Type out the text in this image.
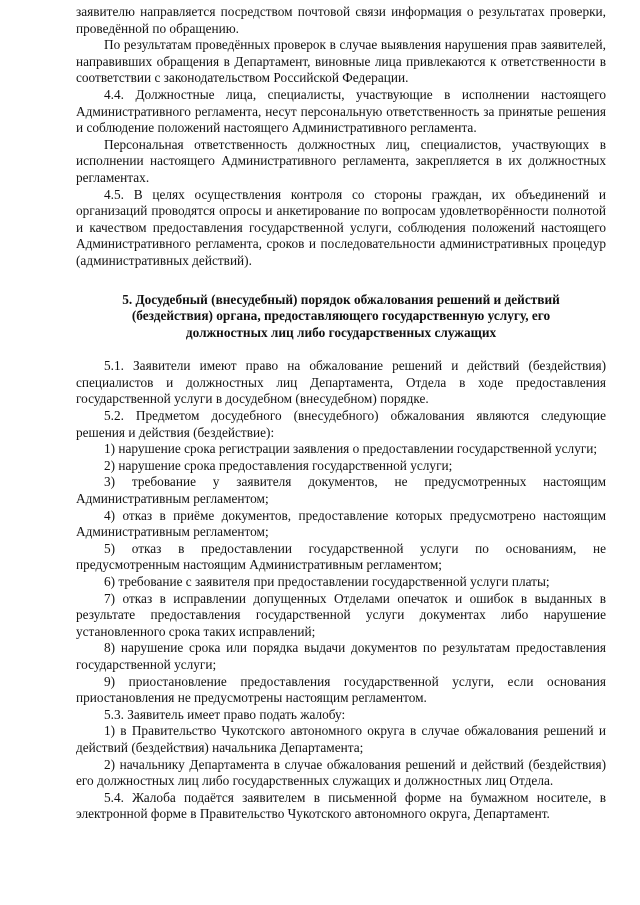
заявителю направляется посредством почтовой связи информация о результатах проверки, проведённой по обращению.

По результатам проведённых проверок в случае выявления нарушения прав заявителей, направивших обращения в Департамент, виновные лица привлекаются к ответственности в соответствии с законодательством Российской Федерации.

4.4. Должностные лица, специалисты, участвующие в исполнении настоящего Административного регламента, несут персональную ответственность за принятые решения и соблюдение положений настоящего Административного регламента.

Персональная ответственность должностных лиц, специалистов, участвующих в исполнении настоящего Административного регламента, закрепляется в их должностных регламентах.

4.5. В целях осуществления контроля со стороны граждан, их объединений и организаций проводятся опросы и анкетирование по вопросам удовлетворённости полнотой и качеством предоставления государственной услуги, соблюдения положений настоящего Административного регламента, сроков и последовательности административных процедур (административных действий).

5. Досудебный (внесудебный) порядок обжалования решений и действий
(бездействия) органа, предоставляющего государственную услугу, его
должностных лиц либо государственных служащих

5.1. Заявители имеют право на обжалование решений и действий (бездействия) специалистов и должностных лиц Департамента, Отдела в ходе предоставления государственной услуги в досудебном (внесудебном) порядке.

5.2. Предметом досудебного (внесудебного) обжалования являются следующие решения и действия (бездействие):

1) нарушение срока регистрации заявления о предоставлении государственной услуги;

2) нарушение срока предоставления государственной услуги;

3) требование у заявителя документов, не предусмотренных настоящим Административным регламентом;

4) отказ в приёме документов, предоставление которых предусмотрено настоящим Административным регламентом;

5) отказ в предоставлении государственной услуги по основаниям, не предусмотренным настоящим Административным регламентом;

6) требование с заявителя при предоставлении государственной услуги платы;

7) отказ в исправлении допущенных Отделами опечаток и ошибок в выданных в результате предоставления государственной услуги документах либо нарушение установленного срока таких исправлений;

8) нарушение срока или порядка выдачи документов по результатам предоставления государственной услуги;

9) приостановление предоставления государственной услуги, если основания приостановления не предусмотрены настоящим регламентом.

5.3. Заявитель имеет право подать жалобу:

1) в Правительство Чукотского автономного округа в случае обжалования решений и действий (бездействия) начальника Департамента;

2) начальнику Департамента в случае обжалования решений и действий (бездействия) его должностных лиц либо государственных служащих и должностных лиц Отдела.

5.4. Жалоба подаётся заявителем в письменной форме на бумажном носителе, в электронной форме в Правительство Чукотского автономного округа, Департамент.
